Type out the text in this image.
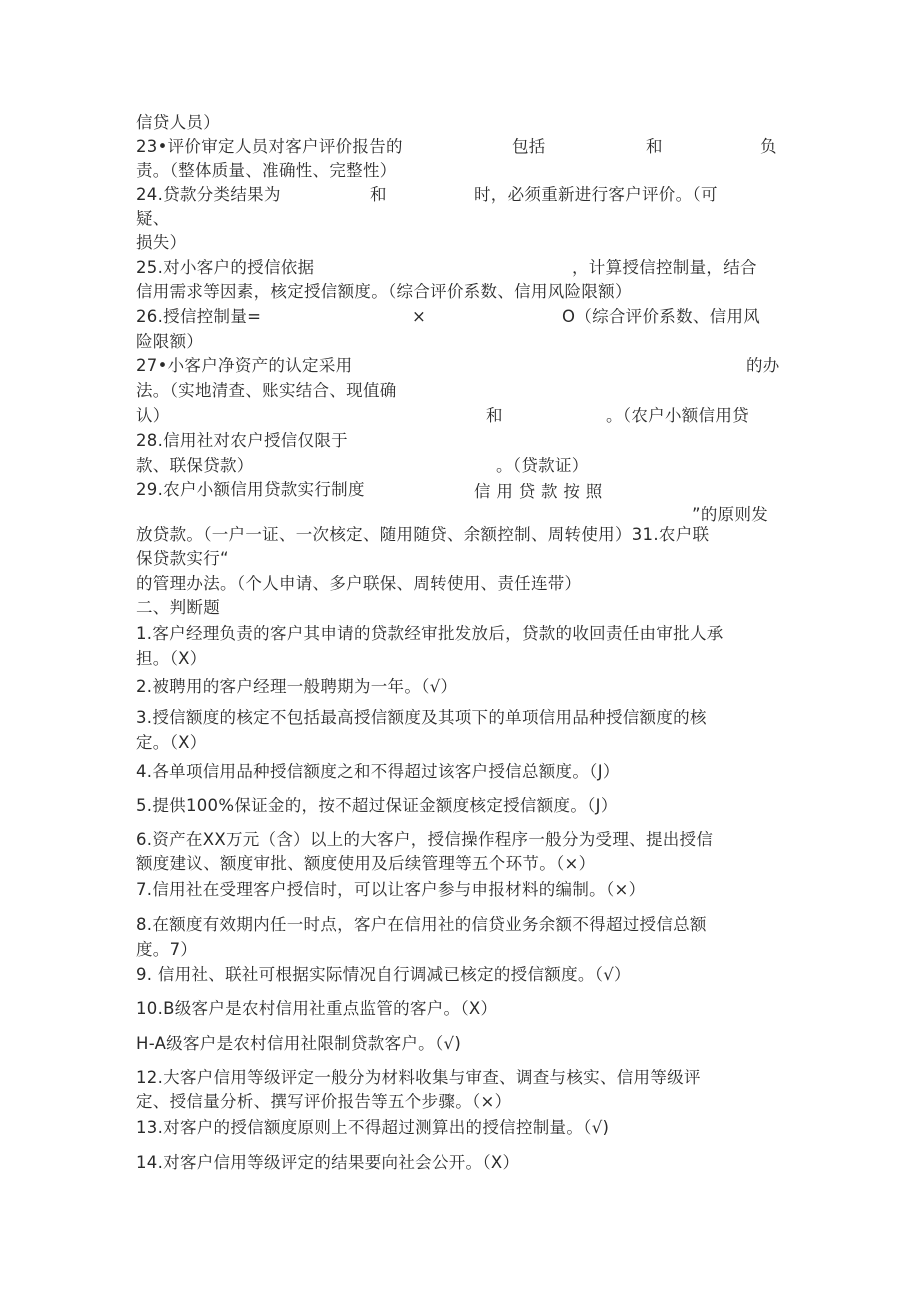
信贷人员）
23•评价审定人员对客户评价报告的	包括	和	负
责。（整体质量、准确性、完整性）
24.贷款分类结果为	和	时，必须重新进行客户评价。（可
疑、
损失）
25.对小客户的授信依据	，计算授信控制量，结合
信用需求等因素，核定授信额度。（综合评价系数、信用风险限额）
26.授信控制量=	×	O（综合评价系数、信用风
险限额）
27•小客户净资产的认定采用	的办
法。（实地清查、账实结合、现值确
认）	和	。（农户小额信用贷
28.信用社对农户授信仅限于
款、联保贷款）	。（贷款证）
29.农户小额信用贷款实行制度	信 用 贷 款 按 照
”的原则发
放贷款。（一户一证、一次核定、随用随贷、余额控制、周转使用）31.农户联
保贷款实行“
的管理办法。（个人申请、多户联保、周转使用、责任连带）
二、判断题
1.客户经理负责的客户其申请的贷款经审批发放后，贷款的收回责任由审批人承
担。（X）
2.被聘用的客户经理一般聘期为一年。（√）
3.授信额度的核定不包括最高授信额度及其项下的单项信用品种授信额度的核
定。（X）
4.各单项信用品种授信额度之和不得超过该客户授信总额度。（J）
5.提供100%保证金的，按不超过保证金额度核定授信额度。（J）
6.资产在XX万元（含）以上的大客户，授信操作程序一般分为受理、提出授信
额度建议、额度审批、额度使用及后续管理等五个环节。（×）
7.信用社在受理客户授信时，可以让客户参与申报材料的编制。（×）
8.在额度有效期内任一时点，客户在信用社的信贷业务余额不得超过授信总额
度。7）
9. 信用社、联社可根据实际情况自行调减已核定的授信额度。（√）
10.B级客户是农村信用社重点监管的客户。（X）
H-A级客户是农村信用社限制贷款客户。（√)
12.大客户信用等级评定一般分为材料收集与审查、调查与核实、信用等级评
定、授信量分析、撰写评价报告等五个步骤。（×）
13.对客户的授信额度原则上不得超过测算出的授信控制量。（√)
14.对客户信用等级评定的结果要向社会公开。（X）
